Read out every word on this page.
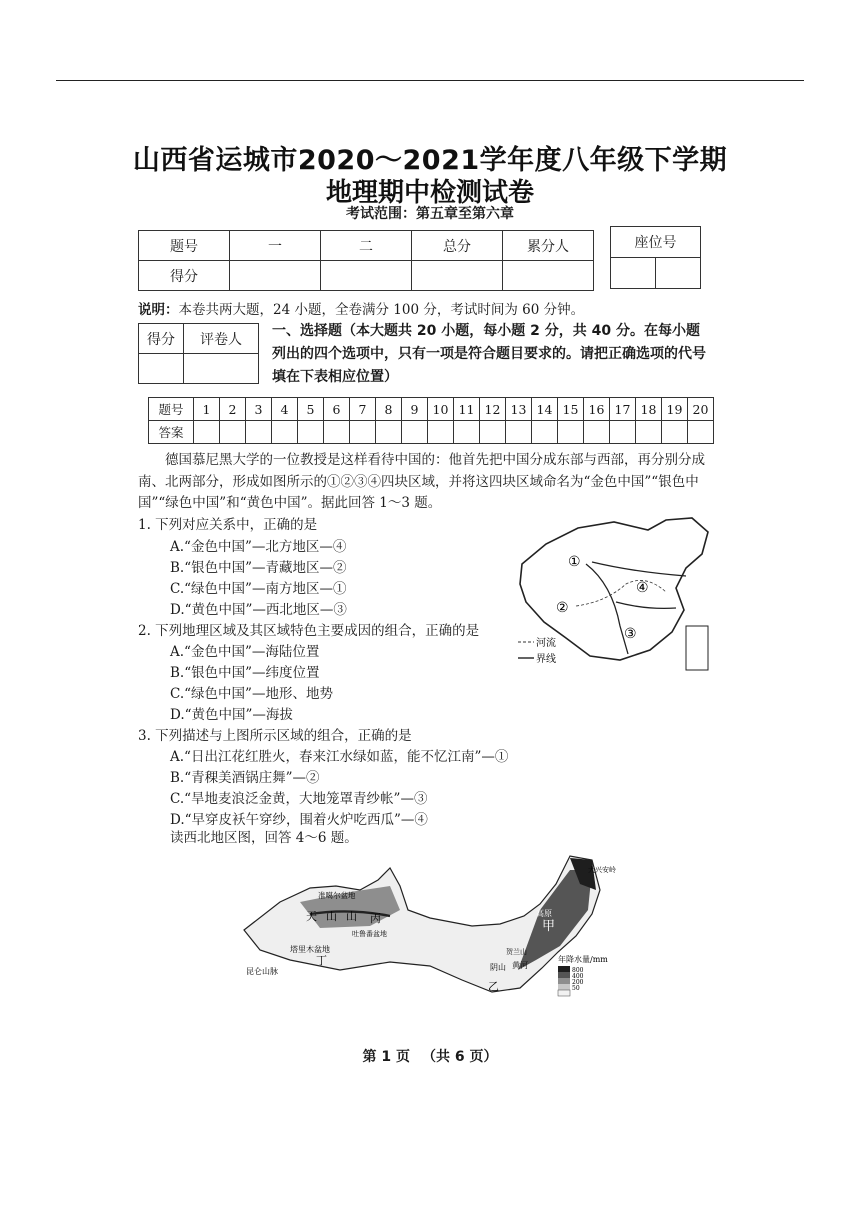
山西省运城市2020～2021学年度八年级下学期
地理期中检测试卷
考试范围：第五章至第六章
题号	一	二	总分	累分人
得分				
座位号

说明：本卷共两大题，24 小题，全卷满分 100 分，考试时间为 60 分钟。
得分	评卷人

一、选择题（本大题共 20 小题，每小题 2 分，共 40 分。在每小题列出的四个选项中，只有一项是符合题目要求的。请把正确选项的代号填在下表相应位置）
题号	1	2	3	4	5	6	7	8	9	10	11	12	13	14	15	16	17	18	19	20
答案																				
德国慕尼黑大学的一位教授是这样看待中国的：他首先把中国分成东部与西部，再分别分成南、北两部分，形成如图所示的①②③④四块区域，并将这四块区域命名为“金色中国”“银色中国”“绿色中国”和“黄色中国”。据此回答 1～3 题。
1. 下列对应关系中，正确的是
A.“金色中国”—北方地区—④
B.“银色中国”—青藏地区—②
C.“绿色中国”—南方地区—①
D.“黄色中国”—西北地区—③
2. 下列地理区域及其区域特色主要成因的组合，正确的是
A.“金色中国”—海陆位置
B.“银色中国”—纬度位置
C.“绿色中国”—地形、地势
D.“黄色中国”—海拔
3. 下列描述与上图所示区域的组合，正确的是
A.“日出江花红胜火，春来江水绿如蓝，能不忆江南”—①
B.“青稞美酒锅庄舞”—②
C.“旱地麦浪泛金黄，大地笼罩青纱帐”—③
D.“早穿皮袄午穿纱，围着火炉吃西瓜”—④
读西北地区图，回答 4～6 题。
①
②
③
④
河流
界线
准噶尔盆地
天 山 山
塔里木盆地
丁
吐鲁番盆地
丙
大兴安岭
贺兰山
乙
甲
高原
黄河
阴山
昆仑山脉
年降水量/mm
800
400
200
50
第 1 页 （共 6 页）
